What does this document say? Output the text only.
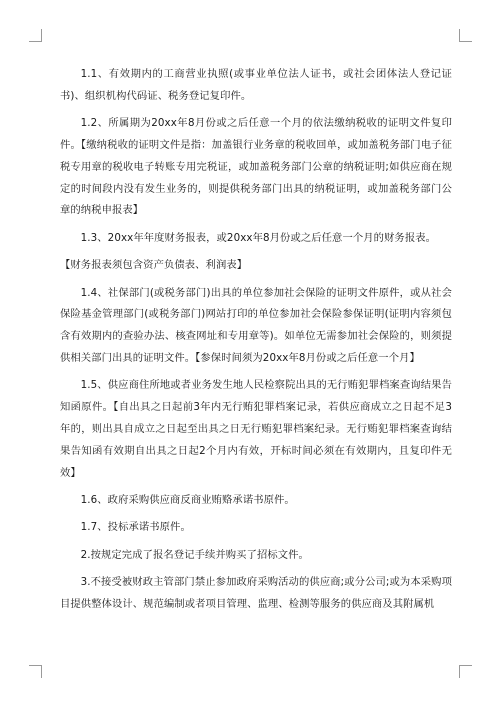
1.1、有效期内的工商营业执照(或事业单位法人证书，或社会团体法人登记证书)、组织机构代码证、税务登记复印件。

1.2、所属期为20xx年8月份或之后任意一个月的依法缴纳税收的证明文件复印件。【缴纳税收的证明文件是指：加盖银行业务章的税收回单，或加盖税务部门电子征税专用章的税收电子转账专用完税证，或加盖税务部门公章的纳税证明;如供应商在规定的时间段内没有发生业务的，则提供税务部门出具的纳税证明，或加盖税务部门公章的纳税申报表】

1.3、20xx年年度财务报表，或20xx年8月份或之后任意一个月的财务报表。

【财务报表须包含资产负债表、利润表】

1.4、社保部门(或税务部门)出具的单位参加社会保险的证明文件原件，或从社会保险基金管理部门(或税务部门)网站打印的单位参加社会保险参保证明(证明内容须包含有效期内的查验办法、核查网址和专用章等)。如单位无需参加社会保险的，则须提供相关部门出具的证明文件。【参保时间须为20xx年8月份或之后任意一个月】

1.5、供应商住所地或者业务发生地人民检察院出具的无行贿犯罪档案查询结果告知函原件。【自出具之日起前3年内无行贿犯罪档案记录，若供应商成立之日起不足3年的，则出具自成立之日起至出具之日无行贿犯罪档案纪录。无行贿犯罪档案查询结果告知函有效期自出具之日起2个月内有效，开标时间必须在有效期内，且复印件无效】

1.6、政府采购供应商反商业贿赂承诺书原件。

1.7、投标承诺书原件。

2.按规定完成了报名登记手续并购买了招标文件。

3.不接受被财政主管部门禁止参加政府采购活动的供应商;或分公司;或为本采购项目提供整体设计、规范编制或者项目管理、监理、检测等服务的供应商及其附属机
